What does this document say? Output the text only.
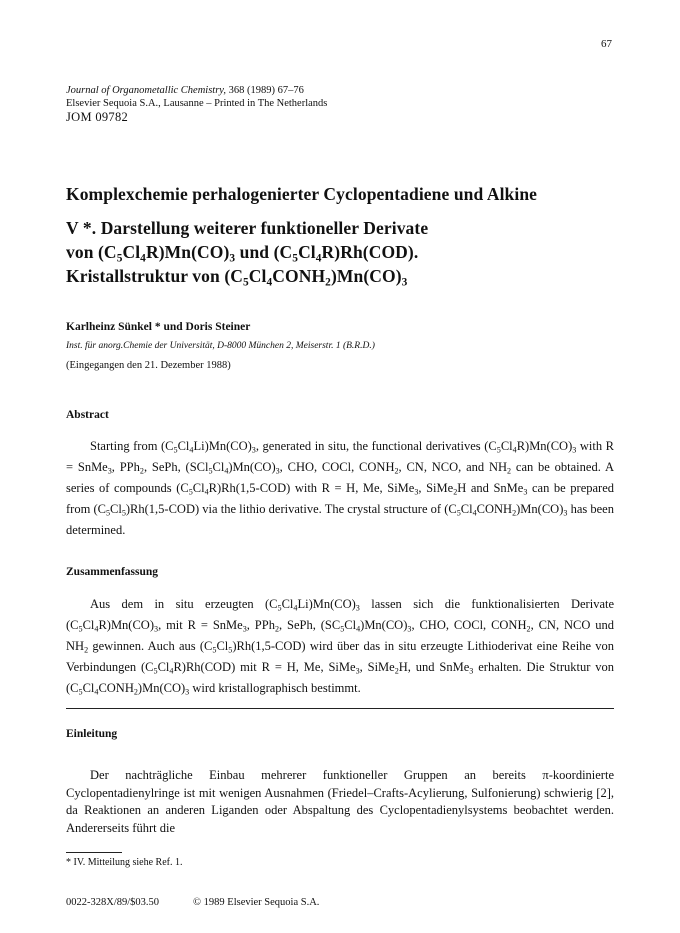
67
Journal of Organometallic Chemistry, 368 (1989) 67–76
Elsevier Sequoia S.A., Lausanne – Printed in The Netherlands
JOM 09782
Komplexchemie perhalogenierter Cyclopentadiene und Alkine
V *. Darstellung weiterer funktioneller Derivate
von $(C_5Cl_4R)Mn(CO)_3$ und $(C_5Cl_4R)Rh(COD)$.
Kristallstruktur von $(C_5Cl_4CONH_2)Mn(CO)_3$
Karlheinz Sünkel * und Doris Steiner
Inst. für anorg.Chemie der Universität, D-8000 München 2, Meiserstr. 1 (B.R.D.)
(Eingegangen den 21. Dezember 1988)
Abstract
Starting from $(C_5Cl_4Li)Mn(CO)_3$, generated in situ, the functional derivatives $(C_5Cl_4R)Mn(CO)_3$ with R = SnMe$_3$, PPh$_2$, SePh, $(SCl_5Cl_4)Mn(CO)_3$, CHO, COCl, $CONH_2$, CN, NCO, and $NH_2$ can be obtained. A series of compounds $(C_5Cl_4R)Rh(1,5-COD)$ with R = H, Me, SiMe$_3$, SiMe$_2$H and SnMe$_3$ can be prepared from $(C_5Cl_5)Rh(1,5-COD)$ via the lithio derivative. The crystal structure of $(C_5Cl_4CONH_2)Mn(CO)_3$ has been determined.
Zusammenfassung
Aus dem in situ erzeugten $(C_5Cl_4Li)Mn(CO)_3$ lassen sich die funktionalisierten Derivate $(C_5Cl_4R)Mn(CO)_3$, mit R = SnMe$_3$, PPh$_2$, SePh, $(SC_5Cl_4)Mn(CO)_3$, CHO, COCl, $CONH_2$, CN, NCO und $NH_2$ gewinnen. Auch aus $(C_5Cl_5)Rh(1,5-COD)$ wird über das in situ erzeugte Lithioderivat eine Reihe von Verbindungen $(C_5Cl_4R)Rh(COD)$ mit R = H, Me, SiMe$_3$, SiMe$_2$H, und SnMe$_3$ erhalten. Die Struktur von $(C_5Cl_4CONH_2)Mn(CO)_3$ wird kristallographisch bestimmt.
Einleitung
Der nachträgliche Einbau mehrerer funktioneller Gruppen an bereits π-koordinierte Cyclopentadienylringe ist mit wenigen Ausnahmen (Friedel–Crafts-Acylierung, Sulfonierung) schwierig [2], da Reaktionen an anderen Liganden oder Abspaltung des Cyclopentadienylsystems beobachtet werden. Andererseits führt die
* IV. Mitteilung siehe Ref. 1.
0022-328X/89/$03.50	© 1989 Elsevier Sequoia S.A.
